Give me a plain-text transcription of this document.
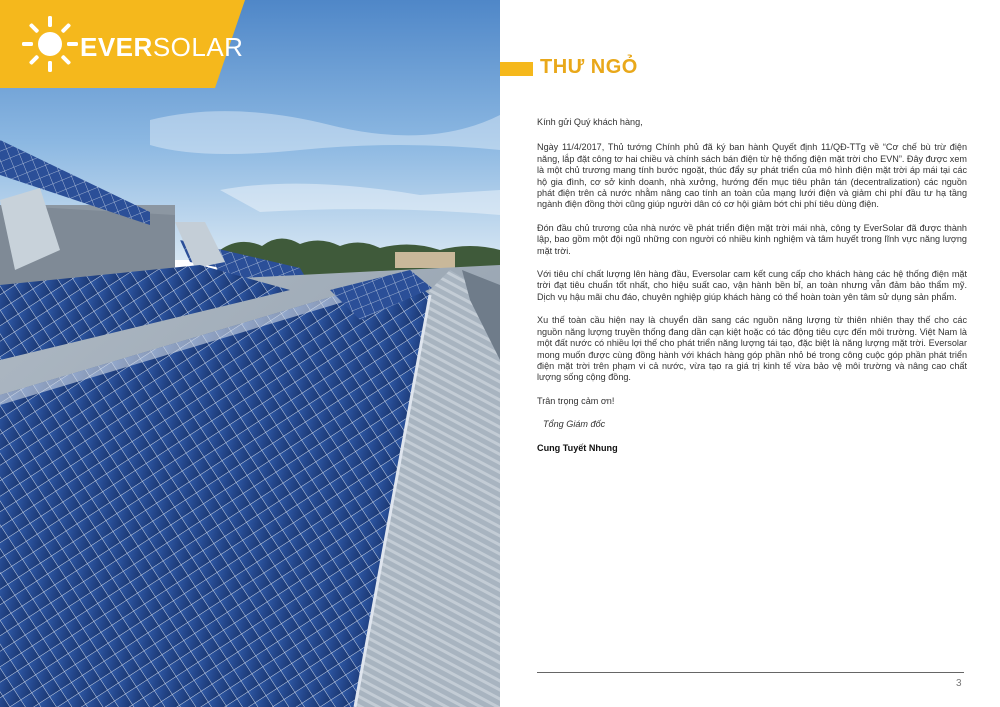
EVERSOLAR
THƯ NGỎ

Kính gửi Quý khách hàng,

Ngày 11/4/2017, Thủ tướng Chính phủ đã ký ban hành Quyết định 11/QĐ-TTg về “Cơ chế bù trừ điện năng, lắp đặt công tơ hai chiều và chính sách bán điện từ hệ thống điện mặt trời cho EVN”. Đây được xem là một chủ trương mang tính bước ngoặt, thúc đẩy sự phát triển của mô hình điện mặt trời áp mái tại các hộ gia đình, cơ sở kinh doanh, nhà xưởng, hướng đến mục tiêu phân tán (decentralization) các nguồn phát điện trên cả nước nhằm nâng cao tính an toàn của mạng lưới điện và giảm chi phí đầu tư hạ tầng ngành điện đồng thời cũng giúp người dân có cơ hội giảm bớt chi phí tiêu dùng điện.

Đón đầu chủ trương của nhà nước về phát triển điện mặt trời mái nhà, công ty EverSolar đã được thành lập, bao gồm một đội ngũ những con người có nhiều kinh nghiệm và tâm huyết trong lĩnh vực năng lượng mặt trời.

Với tiêu chí chất lượng lên hàng đầu, Eversolar cam kết cung cấp cho khách hàng các hệ thống điện mặt trời đạt tiêu chuẩn tốt nhất, cho hiệu suất cao, vận hành bền bỉ, an toàn nhưng vẫn đảm bảo thẩm mỹ. Dịch vụ hậu mãi chu đáo, chuyên nghiệp giúp khách hàng có thể hoàn toàn yên tâm sử dụng sản phẩm.

Xu thế toàn cầu hiện nay là chuyển dần sang các nguồn năng lượng từ thiên nhiên thay thế cho các nguồn năng lượng truyền thống đang dần cạn kiệt hoặc có tác động tiêu cực đến môi trường. Việt Nam là một đất nước có nhiều lợi thế cho phát triển năng lượng tái tạo, đặc biệt là năng lượng mặt trời. Eversolar mong muốn được cùng đồng hành với khách hàng góp phần nhỏ bé trong công cuộc góp phần phát triển điện mặt trời trên phạm vi cả nước, vừa tạo ra giá trị kinh tế vừa bảo vệ môi trường và nâng cao chất lượng sống cộng đồng.

Trân trọng cảm ơn!

Tổng Giám đốc

Cung Tuyết Nhung

3
